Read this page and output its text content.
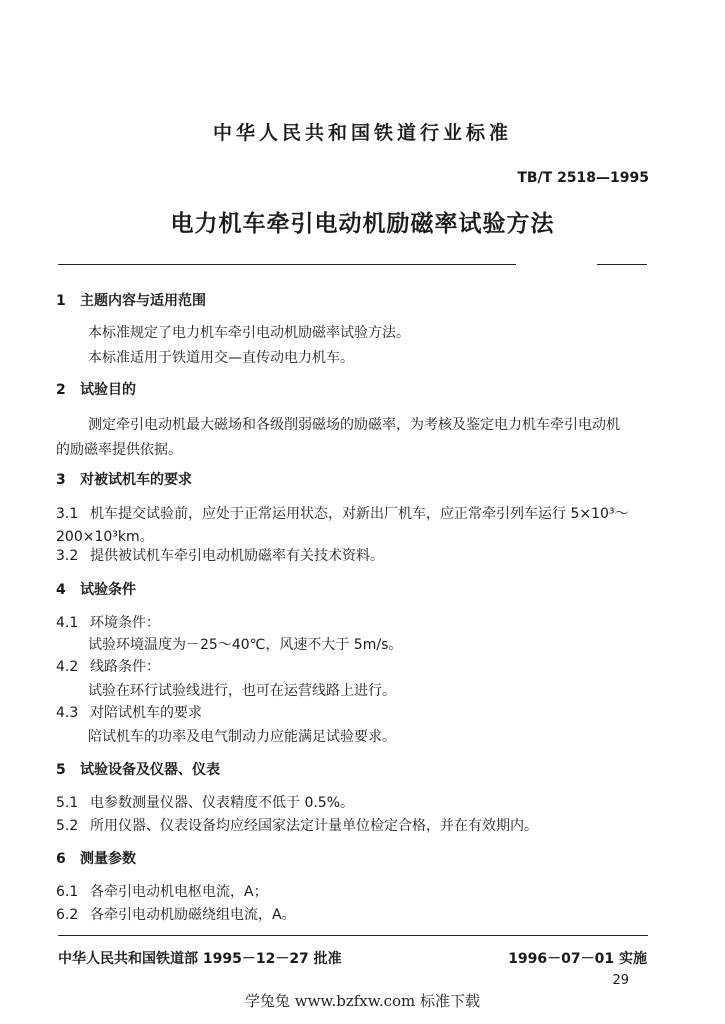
中华人民共和国铁道行业标准
TB/T 2518—1995
电力机车牵引电动机励磁率试验方法
1 主题内容与适用范围
本标准规定了电力机车牵引电动机励磁率试验方法。
本标准适用于铁道用交—直传动电力机车。
2 试验目的
测定牵引电动机最大磁场和各级削弱磁场的励磁率，为考核及鉴定电力机车牵引电动机
的励磁率提供依据。
3 对被试机车的要求
3.1 机车提交试验前，应处于正常运用状态，对新出厂机车，应正常牵引列车运行 5×10³～
200×10³km。
3.2 提供被试机车牵引电动机励磁率有关技术资料。
4 试验条件
4.1 环境条件：
试验环境温度为－25～40℃，风速不大于 5m/s。
4.2 线路条件：
试验在环行试验线进行，也可在运营线路上进行。
4.3 对陪试机车的要求
陪试机车的功率及电气制动力应能满足试验要求。
5 试验设备及仪器、仪表
5.1 电参数测量仪器、仪表精度不低于 0.5%。
5.2 所用仪器、仪表设备均应经国家法定计量单位检定合格，并在有效期内。
6 测量参数
6.1 各牵引电动机电枢电流，A；
6.2 各牵引电动机励磁绕组电流，A。
中华人民共和国铁道部 1995－12－27 批准	1996－07－01 实施
29
学兔兔 www.bzfxw.com 标准下载
